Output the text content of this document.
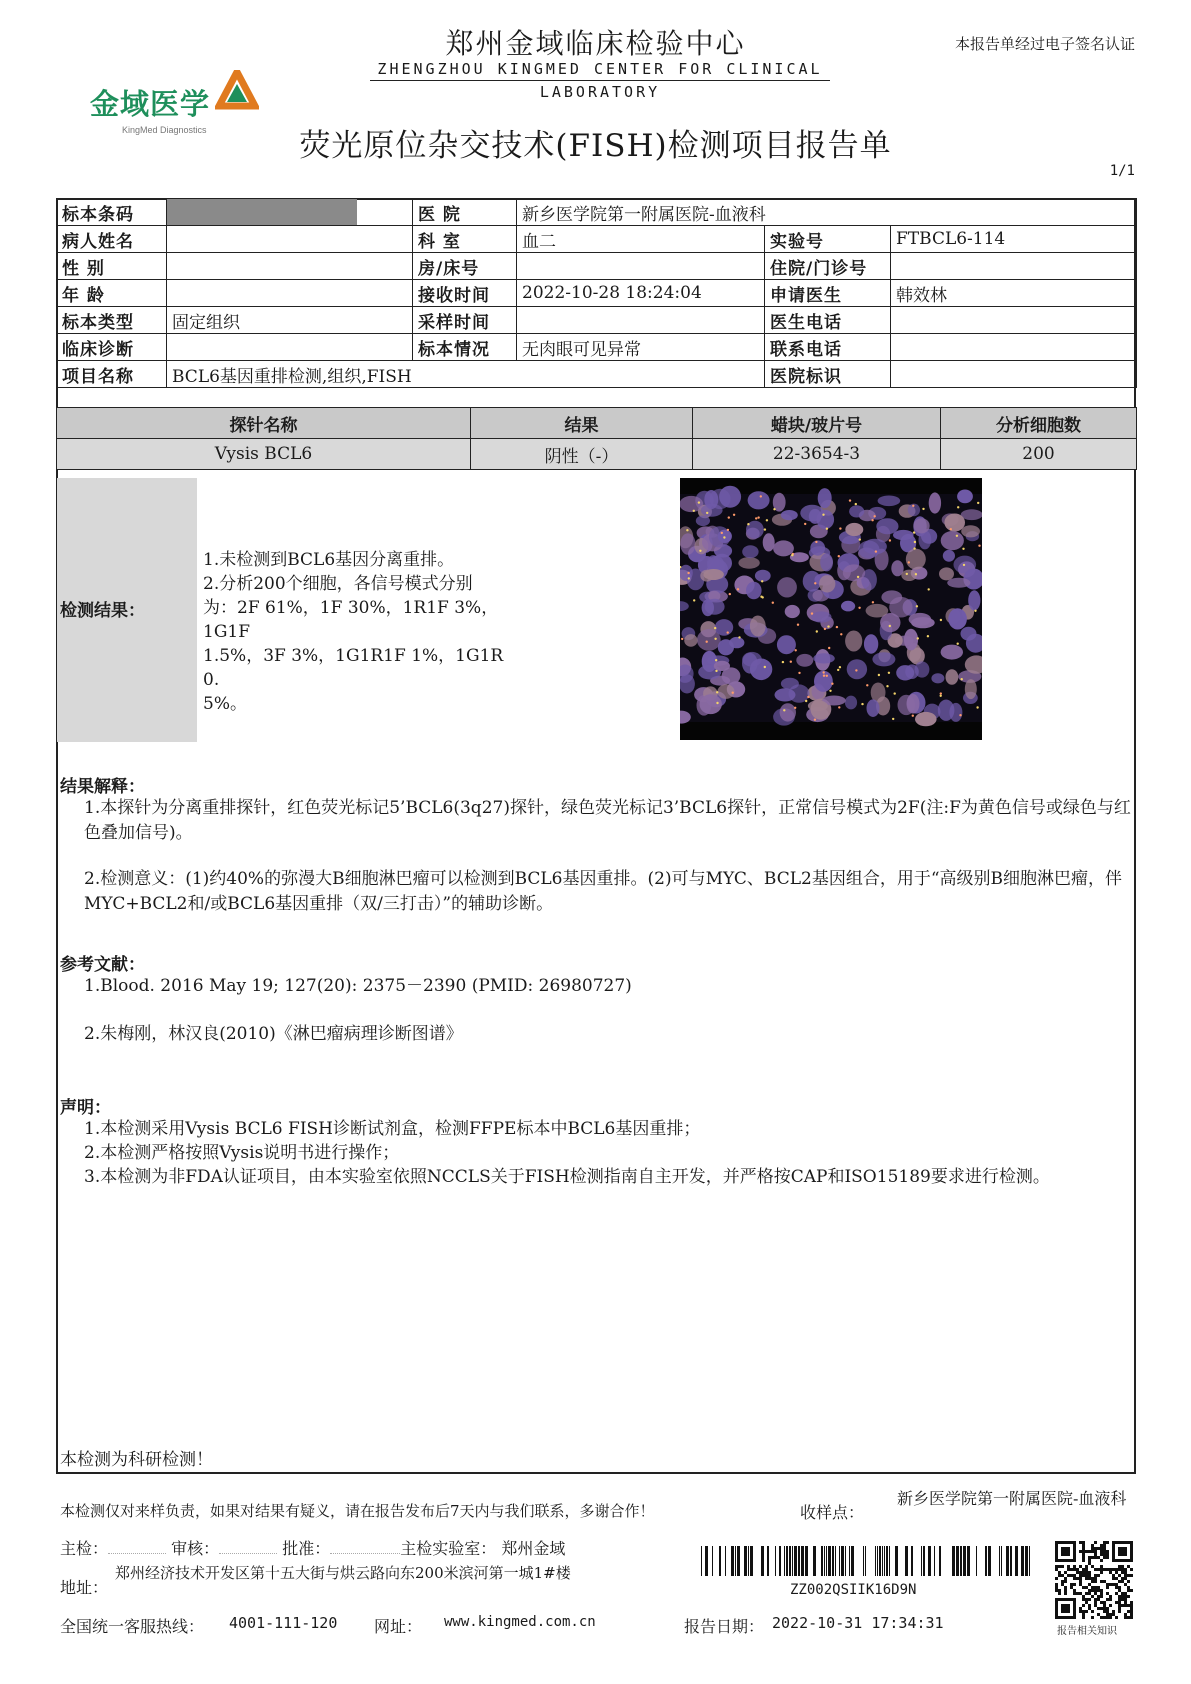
金域医学
KingMed Diagnostics
郑州金域临床检验中心
ZHENGZHOU KINGMED CENTER FOR CLINICAL
LABORATORY
本报告单经过电子签名认证
荧光原位杂交技术(FISH)检测项目报告单
1/1
标本条码		医 院	新乡医学院第一附属医院-血液科		
病人姓名		科 室	血二	实验号	FTBCL6-114
性 别		房/床号		住院/门诊号	
年 龄		接收时间	2022-10-28 18:24:04	申请医生	韩效林
标本类型	固定组织	采样时间		医生电话	
临床诊断		标本情况	无肉眼可见异常	联系电话	
项目名称	BCL6基因重排检测,组织,FISH			医院标识	
探针名称	结果	蜡块/玻片号	分析细胞数
Vysis BCL6	阴性（-）	22-3654-3	200
检测结果：
1.未检测到BCL6基因分离重排。
2.分析200个细胞，各信号模式分别
为：2F 61%，1F 30%，1R1F 3%，1G1F
1.5%，3F 3%，1G1R1F 1%，1G1R 0.
5%。
结果解释：
1.本探针为分离重排探针，红色荧光标记5’BCL6(3q27)探针，绿色荧光标记3’BCL6探针，正常信号模式为2F(注:F为黄色信号或绿色与红色叠加信号)。
2.检测意义：(1)约40%的弥漫大B细胞淋巴瘤可以检测到BCL6基因重排。(2)可与MYC、BCL2基因组合，用于“高级别B细胞淋巴瘤，伴MYC+BCL2和/或BCL6基因重排（双/三打击）”的辅助诊断。
参考文献：
1.Blood. 2016 May 19; 127(20): 2375－2390 (PMID: 26980727)
2.朱梅刚，林汉良(2010)《淋巴瘤病理诊断图谱》
声明：
1.本检测采用Vysis BCL6 FISH诊断试剂盒，检测FFPE标本中BCL6基因重排；
2.本检测严格按照Vysis说明书进行操作；
3.本检测为非FDA认证项目，由本实验室依照NCCLS关于FISH检测指南自主开发，并严格按CAP和ISO15189要求进行检测。
本检测为科研检测！
本检测仅对来样负责，如果对结果有疑义，请在报告发布后7天内与我们联系，多谢合作！	收样点：
新乡医学院第一附属医院-血液科
主检：	审核：	批准：	主检实验室： 郑州金域
地址：
郑州经济技术开发区第十五大街与烘云路向东200米滨河第一城1#楼
全国统一客服热线： 4001-111-120 网址： www.kingmed.com.cn
ZZ002QSIIK16D9N
报告日期： 2022-10-31 17:34:31	报告相关知识
